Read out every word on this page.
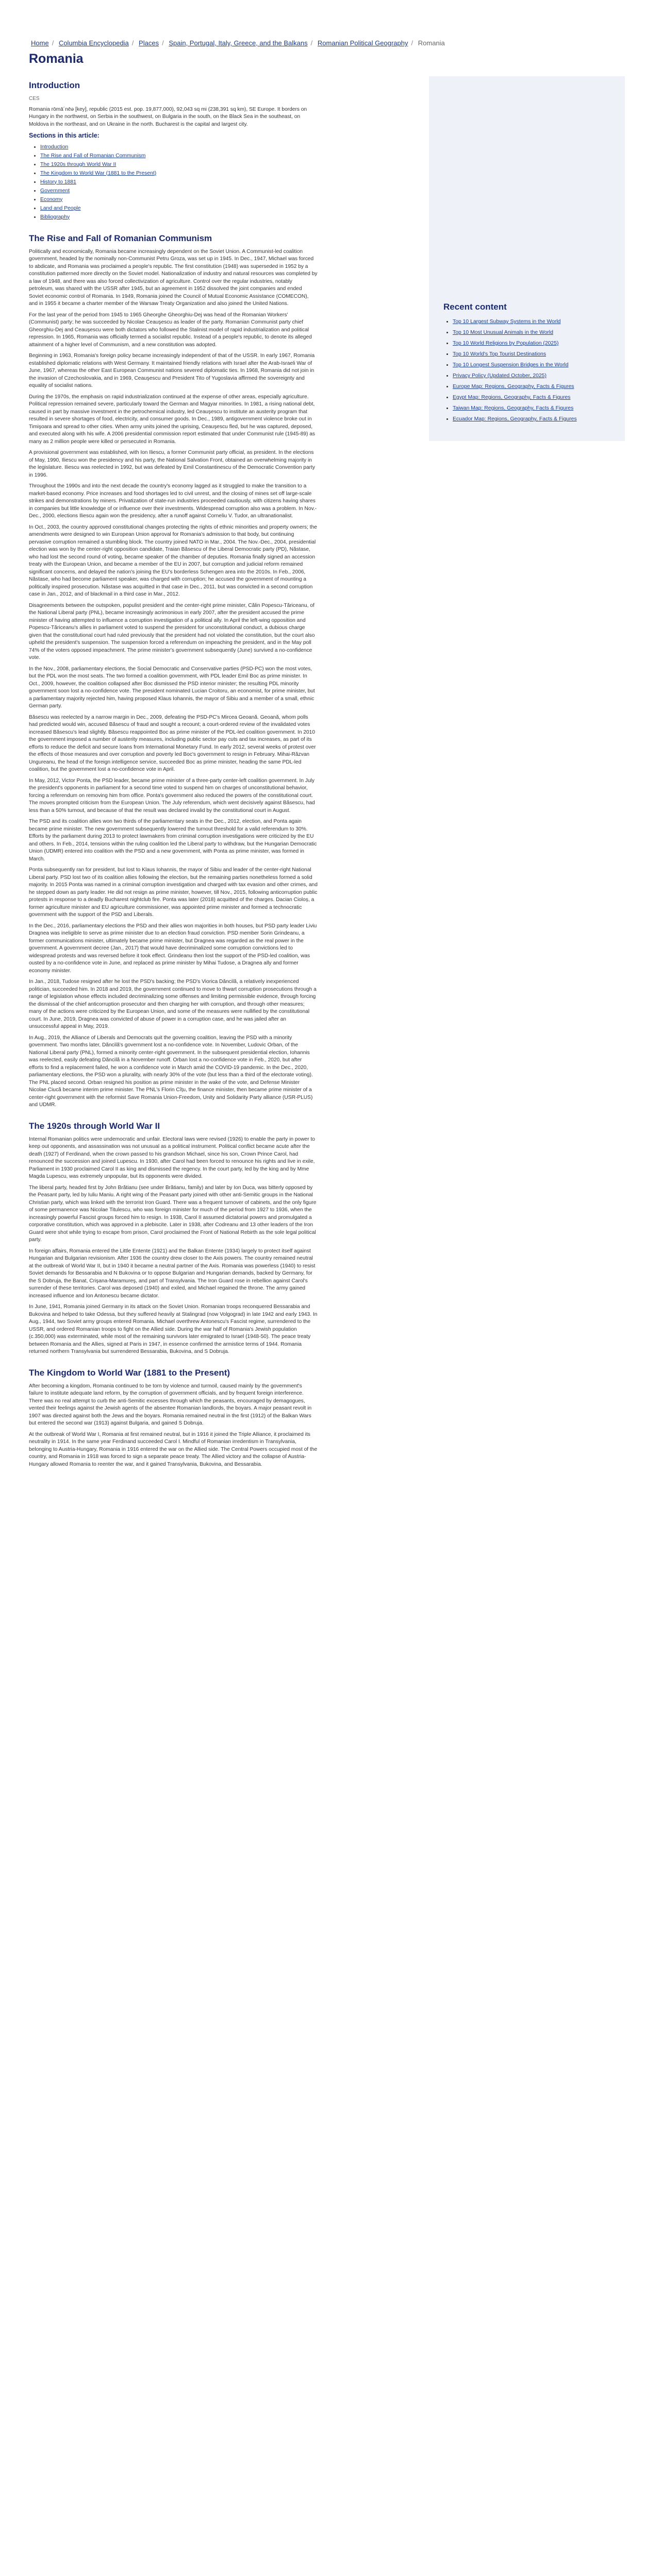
Home / Columbia Encyclopedia / Places / Spain, Portugal, Italy, Greece, and the Balkans / Romanian Political Geography / Romania
Romania
Introduction

CES

Romania rōmā´nēə [key], republic (2015 est. pop. 19,877,000), 92,043 sq mi (238,391 sq km), SE Europe. It borders on Hungary in the northwest, on Serbia in the southwest, on Bulgaria in the south, on the Black Sea in the southeast, on Moldova in the northeast, and on Ukraine in the north. Bucharest is the capital and largest city.

Sections in this article:
• Introduction
• The Rise and Fall of Romanian Communism
• The 1920s through World War II
• The Kingdom to World War (1881 to the Present)
• History to 1881
• Government
• Economy
• Land and People
• Bibliography
The Rise and Fall of Romanian Communism

Politically and economically, Romania became increasingly dependent on the Soviet Union. A Communist-led coalition government, headed by the nominally non-Communist Petru Groza, was set up in 1945. In Dec., 1947, Michael was forced to abdicate, and Romania was proclaimed a people's republic. The first constitution (1948) was superseded in 1952 by a constitution patterned more directly on the Soviet model. Nationalization of industry and natural resources was completed by a law of 1948, and there was also forced collectivization of agriculture. Control over the regular industries, notably petroleum, was shared with the USSR after 1945, but an agreement in 1952 dissolved the joint companies and ended Soviet economic control of Romania. In 1949, Romania joined the Council of Mutual Economic Assistance (COMECON), and in 1955 it became a charter member of the Warsaw Treaty Organization and also joined the United Nations.

For the last year of the period from 1945 to 1965 Gheorghe Gheorghiu-Dej was head of the Romanian Workers' (Communist) party; he was succeeded by Nicolae Ceauşescu as leader of the party. Romanian Communist party chief Gheorghiu-Dej and Ceauşescu were both dictators who followed the Stalinist model of rapid industrialization and political repression. In 1965, Romania was officially termed a socialist republic. Instead of a people's republic, to denote its alleged attainment of a higher level of Communism, and a new constitution was adopted.

Beginning in 1963, Romania's foreign policy became increasingly independent of that of the USSR. In early 1967, Romania established diplomatic relations with West Germany. It maintained friendly relations with Israel after the Arab-Israeli War of June, 1967, whereas the other East European Communist nations severed diplomatic ties. In 1968, Romania did not join in the invasion of Czechoslovakia, and in 1969, Ceauşescu and President Tito of Yugoslavia affirmed the sovereignty and equality of socialist nations.

During the 1970s, the emphasis on rapid industrialization continued at the expense of other areas, especially agriculture. Political repression remained severe, particularly toward the German and Magyar minorities. In 1981, a rising national debt, caused in part by massive investment in the petrochemical industry, led Ceauşescu to institute an austerity program that resulted in severe shortages of food, electricity, and consumer goods. In Dec., 1989, antigovernment violence broke out in Timişoara and spread to other cities. When army units joined the uprising, Ceauşescu fled, but he was captured, deposed, and executed along with his wife. A 2006 presidential commission report estimated that under Communist rule (1945-89) as many as 2 million people were killed or persecuted in Romania.

A provisional government was established, with Ion Iliescu, a former Communist party official, as president. In the elections of May, 1990, Iliescu won the presidency and his party, the National Salvation Front, obtained an overwhelming majority in the legislature. Iliescu was reelected in 1992, but was defeated by Emil Constantinescu of the Democratic Convention party in 1996.

Throughout the 1990s and into the next decade the country's economy lagged as it struggled to make the transition to a market-based economy. Price increases and food shortages led to civil unrest, and the closing of mines set off large-scale strikes and demonstrations by miners. Privatization of state-run industries proceeded cautiously, with citizens having shares in companies but little knowledge of or influence over their investments. Widespread corruption also was a problem. In Nov.-Dec., 2000, elections Iliescu again won the presidency, after a runoff against Corneliu V. Tudor, an ultranationalist.

In Oct., 2003, the country approved constitutional changes protecting the rights of ethnic minorities and property owners; the amendments were designed to win European Union approval for Romania's admission to that body, but continuing pervasive corruption remained a stumbling block. The country joined NATO in Mar., 2004. The Nov.-Dec., 2004, presidential election was won by the center-right opposition candidate, Traian Băsescu of the Liberal Democratic party (PD), Năstase, who had lost the second round of voting, became speaker of the chamber of deputies. Romania finally signed an accession treaty with the European Union, and became a member of the EU in 2007, but corruption and judicial reform remained significant concerns, and delayed the nation's joining the EU's borderless Schengen area into the 2010s. In Feb., 2006, Năstase, who had become parliament speaker, was charged with corruption; he accused the government of mounting a politically inspired prosecution. Năstase was acquitted in that case in Dec., 2011, but was convicted in a second corruption case in Jan., 2012, and of blackmail in a third case in Mar., 2012.

Disagreements between the outspoken, populist president and the center-right prime minister, Călin Popescu-Tăriceanu, of the National Liberal party (PNL), became increasingly acrimonious in early 2007, after the president accused the prime minister of having attempted to influence a corruption investigation of a political ally. In April the left-wing opposition and Popescu-Tăriceanu's allies in parliament voted to suspend the president for unconstitutional conduct, a dubious charge given that the constitutional court had ruled previously that the president had not violated the constitution, but the court also upheld the president's suspension. The suspension forced a referendum on impeaching the president, and in the May poll 74% of the voters opposed impeachment. The prime minister's government subsequently (June) survived a no-confidence vote.

In the Nov., 2008, parliamentary elections, the Social Democratic and Conservative parties (PSD-PC) won the most votes, but the PDL won the most seats. The two formed a coalition government, with PDL leader Emil Boc as prime minister. In Oct., 2009, however, the coalition collapsed after Boc dismissed the PSD interior minister; the resulting PDL minority government soon lost a no-confidence vote. The president nominated Lucian Croitoru, an economist, for prime minister, but a parliamentary majority rejected him, having proposed Klaus Iohannis, the mayor of Sibiu and a member of a small, ethnic German party.

Băsescu was reelected by a narrow margin in Dec., 2009, defeating the PSD-PC's Mircea Geoană. Geoană, whom polls had predicted would win, accused Băsescu of fraud and sought a recount; a court-ordered review of the invalidated votes increased Băsescu's lead slightly. Băsescu reappointed Boc as prime minister of the PDL-led coalition government. In 2010 the government imposed a number of austerity measures, including public sector pay cuts and tax increases, as part of its efforts to reduce the deficit and secure loans from International Monetary Fund. In early 2012, several weeks of protest over the effects of those measures and over corruption and poverty led Boc's government to resign in February. Mihai-Răzvan Ungureanu, the head of the foreign intelligence service, succeeded Boc as prime minister, heading the same PDL-led coalition, but the government lost a no-confidence vote in April.

In May, 2012, Victor Ponta, the PSD leader, became prime minister of a three-party center-left coalition government. In July the president's opponents in parliament for a second time voted to suspend him on charges of unconstitutional behavior, forcing a referendum on removing him from office. Ponta's government also reduced the powers of the constitutional court. The moves prompted criticism from the European Union. The July referendum, which went decisively against Băsescu, had less than a 50% turnout, and because of that the result was declared invalid by the constitutional court in August.

The PSD and its coalition allies won two thirds of the parliamentary seats in the Dec., 2012, election, and Ponta again became prime minister. The new government subsequently lowered the turnout threshold for a valid referendum to 30%. Efforts by the parliament during 2013 to protect lawmakers from criminal corruption investigations were criticized by the EU and others. In Feb., 2014, tensions within the ruling coalition led the Liberal party to withdraw, but the Hungarian Democratic Union (UDMR) entered into coalition with the PSD and a new government, with Ponta as prime minister, was formed in March.

Ponta subsequently ran for president, but lost to Klaus Iohannis, the mayor of Sibiu and leader of the center-right National Liberal party. PSD lost two of its coalition allies following the election, but the remaining parties nonetheless formed a solid majority. In 2015 Ponta was named in a criminal corruption investigation and charged with tax evasion and other crimes, and he stepped down as party leader. He did not resign as prime minister, however, till Nov., 2015, following anticorruption public protests in response to a deadly Bucharest nightclub fire. Ponta was later (2018) acquitted of the charges. Dacian Cioloș, a former agriculture minister and EU agriculture commissioner, was appointed prime minister and formed a technocratic government with the support of the PSD and Liberals.

In the Dec., 2016, parliamentary elections the PSD and their allies won majorities in both houses, but PSD party leader Liviu Dragnea was ineligible to serve as prime minister due to an election fraud conviction. PSD member Sorin Grindeanu, a former communications minister, ultimately became prime minister, but Dragnea was regarded as the real power in the government. A government decree (Jan., 2017) that would have decriminalized some corruption convictions led to widespread protests and was reversed before it took effect. Grindeanu then lost the support of the PSD-led coalition, was ousted by a no-confidence vote in June, and replaced as prime minister by Mihai Tudose, a Dragnea ally and former economy minister.

In Jan., 2018, Tudose resigned after he lost the PSD's backing; the PSD's Viorica Dăncilă, a relatively inexperienced politician, succeeded him. In 2018 and 2019, the government continued to move to thwart corruption prosecutions through a range of legislation whose effects included decriminalizing some offenses and limiting permissible evidence, through forcing the dismissal of the chief anticorruption prosecutor and then charging her with corruption, and through other measures; many of the actions were criticized by the European Union, and some of the measures were nullified by the constitutional court. In June, 2019, Dragnea was convicted of abuse of power in a corruption case, and he was jailed after an unsuccessful appeal in May, 2019.

In Aug., 2019, the Alliance of Liberals and Democrats quit the governing coalition, leaving the PSD with a minority government. Two months later, Dăncilă's government lost a no-confidence vote. In November, Ludovic Orban, of the National Liberal party (PNL), formed a minority center-right government. In the subsequent presidential election, Iohannis was reelected, easily defeating Dăncilă in a November runoff. Orban lost a no-confidence vote in Feb., 2020, but after efforts to find a replacement failed, he won a confidence vote in March amid the COVID-19 pandemic. In the Dec., 2020, parliamentary elections, the PSD won a plurality, with nearly 30% of the vote (but less than a third of the electorate voting). The PNL placed second. Orban resigned his position as prime minister in the wake of the vote, and Defense Minister Nicolae Ciucă became interim prime minister. The PNL's Florin Cîțu, the finance minister, then became prime minister of a center-right government with the reformist Save Romania Union-Freedom, Unity and Solidarity Party alliance (USR-PLUS) and UDMR.

The 1920s through World War II

Internal Romanian politics were undemocratic and unfair. Electoral laws were revised (1926) to enable the party in power to keep out opponents, and assassination was not unusual as a political instrument. Political conflict became acute after the death (1927) of Ferdinand, when the crown passed to his grandson Michael, since his son, Crown Prince Carol, had renounced the succession and joined Lupescu. In 1930, after Carol had been forced to renounce his rights and live in exile, Parliament in 1930 proclaimed Carol II as king and dismissed the regency. In the court party, led by the king and by Mme Magda Lupescu, was extremely unpopular, but its opponents were divided.

The liberal party, headed first by John Brătianu (see under Brătianu, family) and later by Ion Duca, was bitterly opposed by the Peasant party, led by Iuliu Maniu. A right wing of the Peasant party joined with other anti-Semitic groups in the National Christian party, which was linked with the terrorist Iron Guard. There was a frequent turnover of cabinets, and the only figure of some permanence was Nicolae Titulescu, who was foreign minister for much of the period from 1927 to 1936, when the increasingly powerful Fascist groups forced him to resign. In 1938, Carol II assumed dictatorial powers and promulgated a corporative constitution, which was approved in a plebiscite. Later in 1938, after Codreanu and 13 other leaders of the Iron Guard were shot while trying to escape from prison, Carol proclaimed the Front of National Rebirth as the sole legal political party.

In foreign affairs, Romania entered the Little Entente (1921) and the Balkan Entente (1934) largely to protect itself against Hungarian and Bulgarian revisionism. After 1936 the country drew closer to the Axis powers. The country remained neutral at the outbreak of World War II, but in 1940 it became a neutral partner of the Axis. Romania was powerless (1940) to resist Soviet demands for Bessarabia and N Bukovina or to oppose Bulgarian and Hungarian demands, backed by Germany, for the S Dobruja, the Banat, Crişana-Maramureş, and part of Transylvania. The Iron Guard rose in rebellion against Carol's surrender of these territories. Carol was deposed (1940) and exiled, and Michael regained the throne. The army gained increased influence and Ion Antonescu became dictator.

In June, 1941, Romania joined Germany in its attack on the Soviet Union. Romanian troops reconquered Bessarabia and Bukovina and helped to take Odessa, but they suffered heavily at Stalingrad (now Volgograd) in late 1942 and early 1943. In Aug., 1944, two Soviet army groups entered Romania. Michael overthrew Antonescu's Fascist regime, surrendered to the USSR, and ordered Romanian troops to fight on the Allied side. During the war half of Romania's Jewish population (c.350,000) was exterminated, while most of the remaining survivors later emigrated to Israel (1948-50). The peace treaty between Romania and the Allies, signed at Paris in 1947, in essence confirmed the armistice terms of 1944. Romania returned northern Transylvania but surrendered Bessarabia, Bukovina, and S Dobruja.

The Kingdom to World War (1881 to the Present)

After becoming a kingdom, Romania continued to be torn by violence and turmoil, caused mainly by the government's failure to institute adequate land reform, by the corruption of government officials, and by frequent foreign interference. There was no real attempt to curb the anti-Semitic excesses through which the peasants, encouraged by demagogues, vented their feelings against the Jewish agents of the absentee Romanian landlords, the boyars. A major peasant revolt in 1907 was directed against both the Jews and the boyars. Romania remained neutral in the first (1912) of the Balkan Wars but entered the second war (1913) against Bulgaria, and gained S Dobruja.

At the outbreak of World War I, Romania at first remained neutral, but in 1916 it joined the Triple Alliance, it proclaimed its neutrality in 1914. In the same year Ferdinand succeeded Carol I. Mindful of Romanian irredentism in Transylvania, belonging to Austria-Hungary, Romania in 1916 entered the war on the Allied side. The Central Powers occupied most of the country, and Romania in 1918 was forced to sign a separate peace treaty. The Allied victory and the collapse of Austria-Hungary allowed Romania to reenter the war, and it gained Transylvania, Bukovina, and Bessarabia.

Recent content
• Top 10 Largest Subway Systems in the World
• Top 10 Most Unusual Animals in the World
• Top 10 World Religions by Population (2025)
• Top 10 World's Top Tourist Destinations
• Top 10 Longest Suspension Bridges in the World
• Privacy Policy (Updated October, 2025)
• Europe Map: Regions, Geography, Facts & Figures
• Egypt Map: Regions, Geography, Facts & Figures
• Taiwan Map: Regions, Geography, Facts & Figures
• Ecuador Map: Regions, Geography, Facts & Figures
